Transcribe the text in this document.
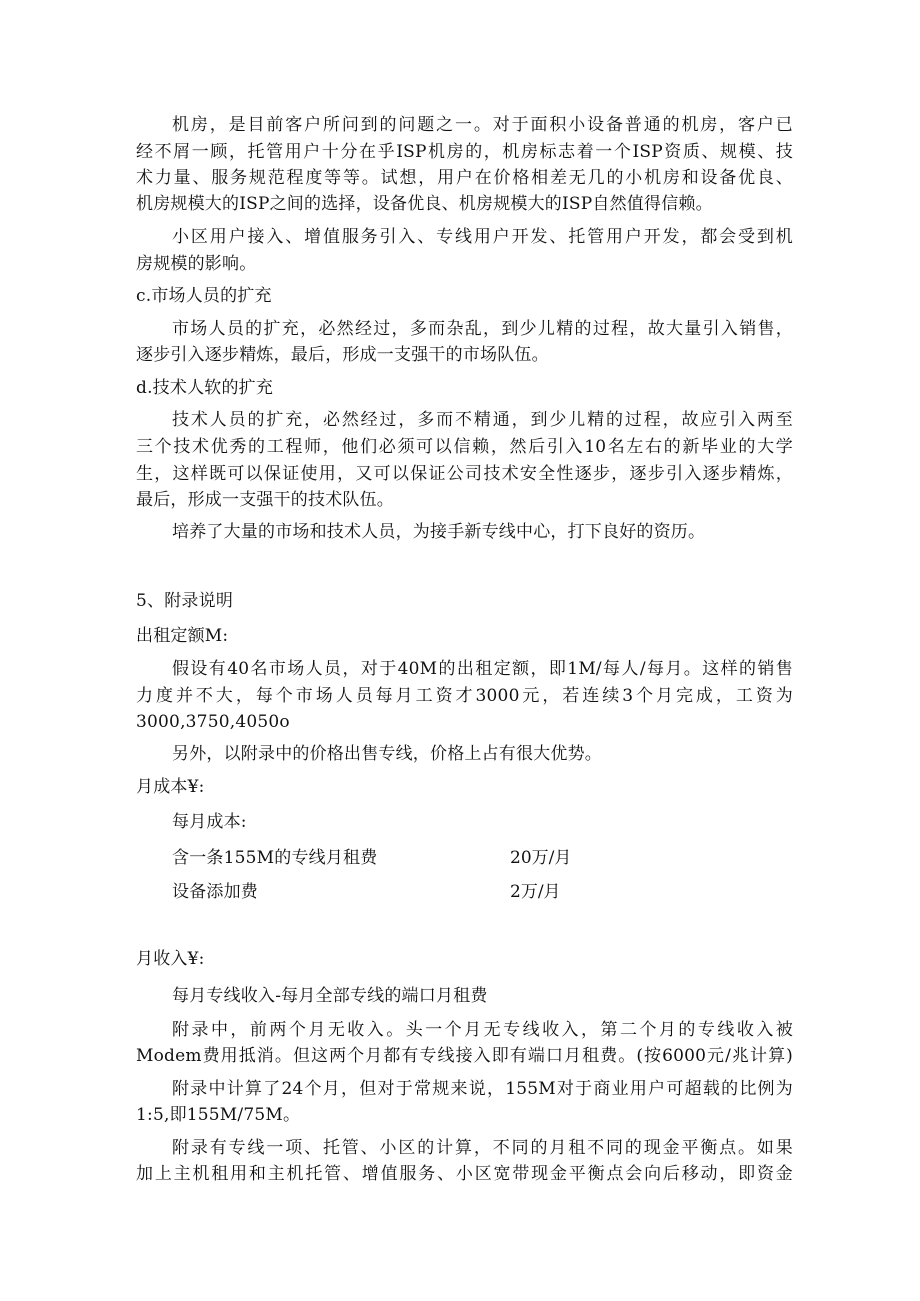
机房，是目前客户所问到的问题之一。对于面积小设备普通的机房，客户已
经不屑一顾，托管用户十分在乎ISP机房的，机房标志着一个ISP资质、规模、技
术力量、服务规范程度等等。试想，用户在价格相差无几的小机房和设备优良、
机房规模大的ISP之间的选择，设备优良、机房规模大的ISP自然值得信赖。
小区用户接入、增值服务引入、专线用户开发、托管用户开发，都会受到机
房规模的影响。
c.市场人员的扩充
市场人员的扩充，必然经过，多而杂乱，到少儿精的过程，故大量引入销售，
逐步引入逐步精炼，最后，形成一支强干的市场队伍。
d.技术人软的扩充
技术人员的扩充，必然经过，多而不精通，到少儿精的过程，故应引入两至
三个技术优秀的工程师，他们必须可以信赖，然后引入10名左右的新毕业的大学
生，这样既可以保证使用，又可以保证公司技术安全性逐步，逐步引入逐步精炼，
最后，形成一支强干的技术队伍。
培养了大量的市场和技术人员，为接手新专线中心，打下良好的资历。
5、附录说明
出租定额M:
假设有40名市场人员，对于40M的出租定额，即1M/每人/每月。这样的销售
力度并不大，每个市场人员每月工资才3000元，若连续3个月完成，工资为
3000,3750,4050o
另外，以附录中的价格出售专线，价格上占有很大优势。
月成本¥:
每月成本:
含一条155M的专线月租费	20万/月
设备添加费	2万/月
月收入¥:
每月专线收入-每月全部专线的端口月租费
附录中，前两个月无收入。头一个月无专线收入，第二个月的专线收入被
Modem费用抵消。但这两个月都有专线接入即有端口月租费。(按6000元/兆计算)
附录中计算了24个月，但对于常规来说，155M对于商业用户可超载的比例为
1:5,即155M/75M。
附录有专线一项、托管、小区的计算，不同的月租不同的现金平衡点。如果
加上主机租用和主机托管、增值服务、小区宽带现金平衡点会向后移动，即资金
